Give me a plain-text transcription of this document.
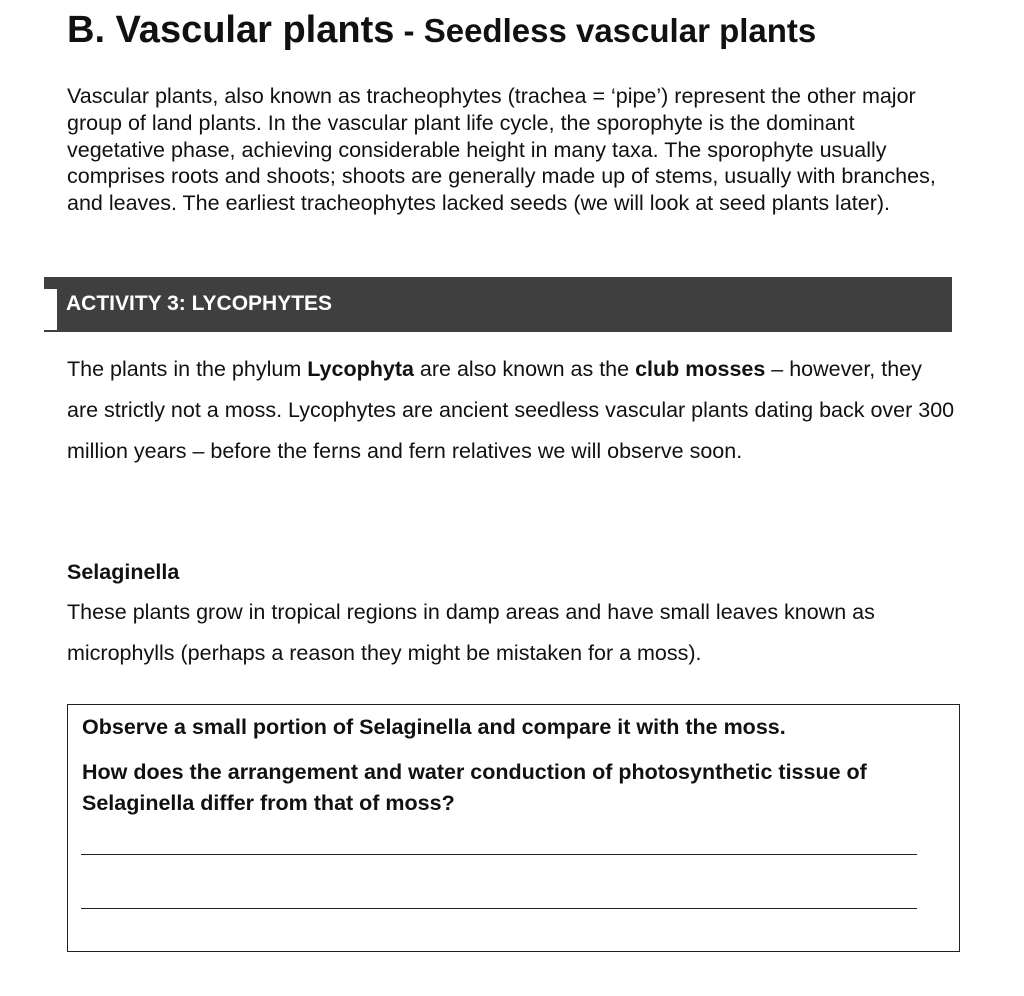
B. Vascular plants - Seedless vascular plants

Vascular plants, also known as tracheophytes (trachea = ‘pipe’) represent the other major group of land plants. In the vascular plant life cycle, the sporophyte is the dominant vegetative phase, achieving considerable height in many taxa. The sporophyte usually comprises roots and shoots; shoots are generally made up of stems, usually with branches, and leaves. The earliest tracheophytes lacked seeds (we will look at seed plants later).

ACTIVITY 3: LYCOPHYTES

The plants in the phylum Lycophyta are also known as the club mosses – however, they are strictly not a moss. Lycophytes are ancient seedless vascular plants dating back over 300 million years – before the ferns and fern relatives we will observe soon.

Selaginella

These plants grow in tropical regions in damp areas and have small leaves known as microphylls (perhaps a reason they might be mistaken for a moss).

Observe a small portion of Selaginella and compare it with the moss.

How does the arrangement and water conduction of photosynthetic tissue of Selaginella differ from that of moss?
